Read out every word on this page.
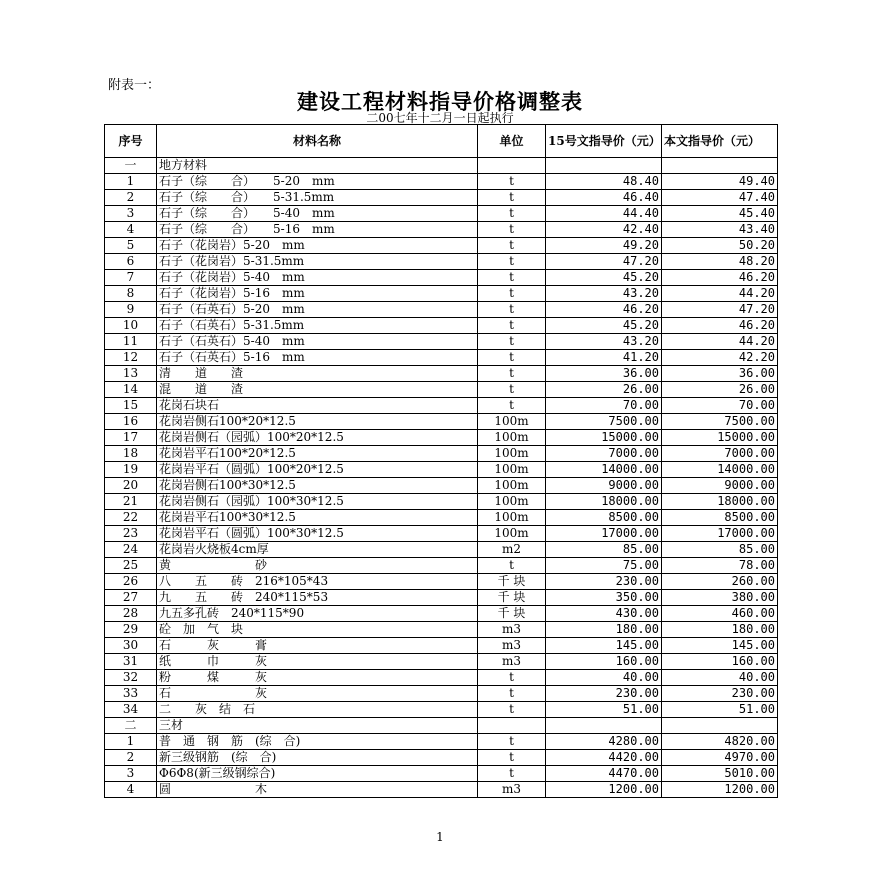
附表一：
建设工程材料指导价格调整表
二00七年十二月一日起执行
序号	材料名称	单位	15号文指导价（元）	本文指导价（元）
一	地方材料			
1	石子（综　　合）　　5-20　mm	t	48.40	49.40
2	石子（综　　合）　　5-31.5mm	t	46.40	47.40
3	石子（综　　合）　　5-40　mm	t	44.40	45.40
4	石子（综　　合）　　5-16　mm	t	42.40	43.40
5	石子（花岗岩）5-20　mm	t	49.20	50.20
6	石子（花岗岩）5-31.5mm	t	47.20	48.20
7	石子（花岗岩）5-40　mm	t	45.20	46.20
8	石子（花岗岩）5-16　mm	t	43.20	44.20
9	石子（石英石）5-20　mm	t	46.20	47.20
10	石子（石英石）5-31.5mm	t	45.20	46.20
11	石子（石英石）5-40　mm	t	43.20	44.20
12	石子（石英石）5-16　mm	t	41.20	42.20
13	清　　道　　渣	t	36.00	36.00
14	混　　道　　渣	t	26.00	26.00
15	花岗石块石	t	70.00	70.00
16	花岗岩侧石100*20*12.5	100m	7500.00	7500.00
17	花岗岩侧石（园弧）100*20*12.5	100m	15000.00	15000.00
18	花岗岩平石100*20*12.5	100m	7000.00	7000.00
19	花岗岩平石（圆弧）100*20*12.5	100m	14000.00	14000.00
20	花岗岩侧石100*30*12.5	100m	9000.00	9000.00
21	花岗岩侧石（园弧）100*30*12.5	100m	18000.00	18000.00
22	花岗岩平石100*30*12.5	100m	8500.00	8500.00
23	花岗岩平石（圆弧）100*30*12.5	100m	17000.00	17000.00
24	花岗岩火烧板4cm厚	m2	85.00	85.00
25	黄　　　　　　　砂	t	75.00	78.00
26	八　　五　　砖　216*105*43	千 块	230.00	260.00
27	九　　五　　砖　240*115*53	千 块	350.00	380.00
28	九五多孔砖　240*115*90	千 块	430.00	460.00
29	砼　加　气　块	m3	180.00	180.00
30	石　　　灰　　　膏	m3	145.00	145.00
31	纸　　　巾　　　灰	m3	160.00	160.00
32	粉　　　煤　　　灰	t	40.00	40.00
33	石　　　　　　　灰	t	230.00	230.00
34	二　　灰　结　石	t	51.00	51.00
二	三材			
1	普　通　钢　筋　(综　合)	t	4280.00	4820.00
2	新三级钢筋　(综　合)	t	4420.00	4970.00
3	Φ6Φ8(新三级钢综合)	t	4470.00	5010.00
4	圆　　　　　　　木	m3	1200.00	1200.00
1
